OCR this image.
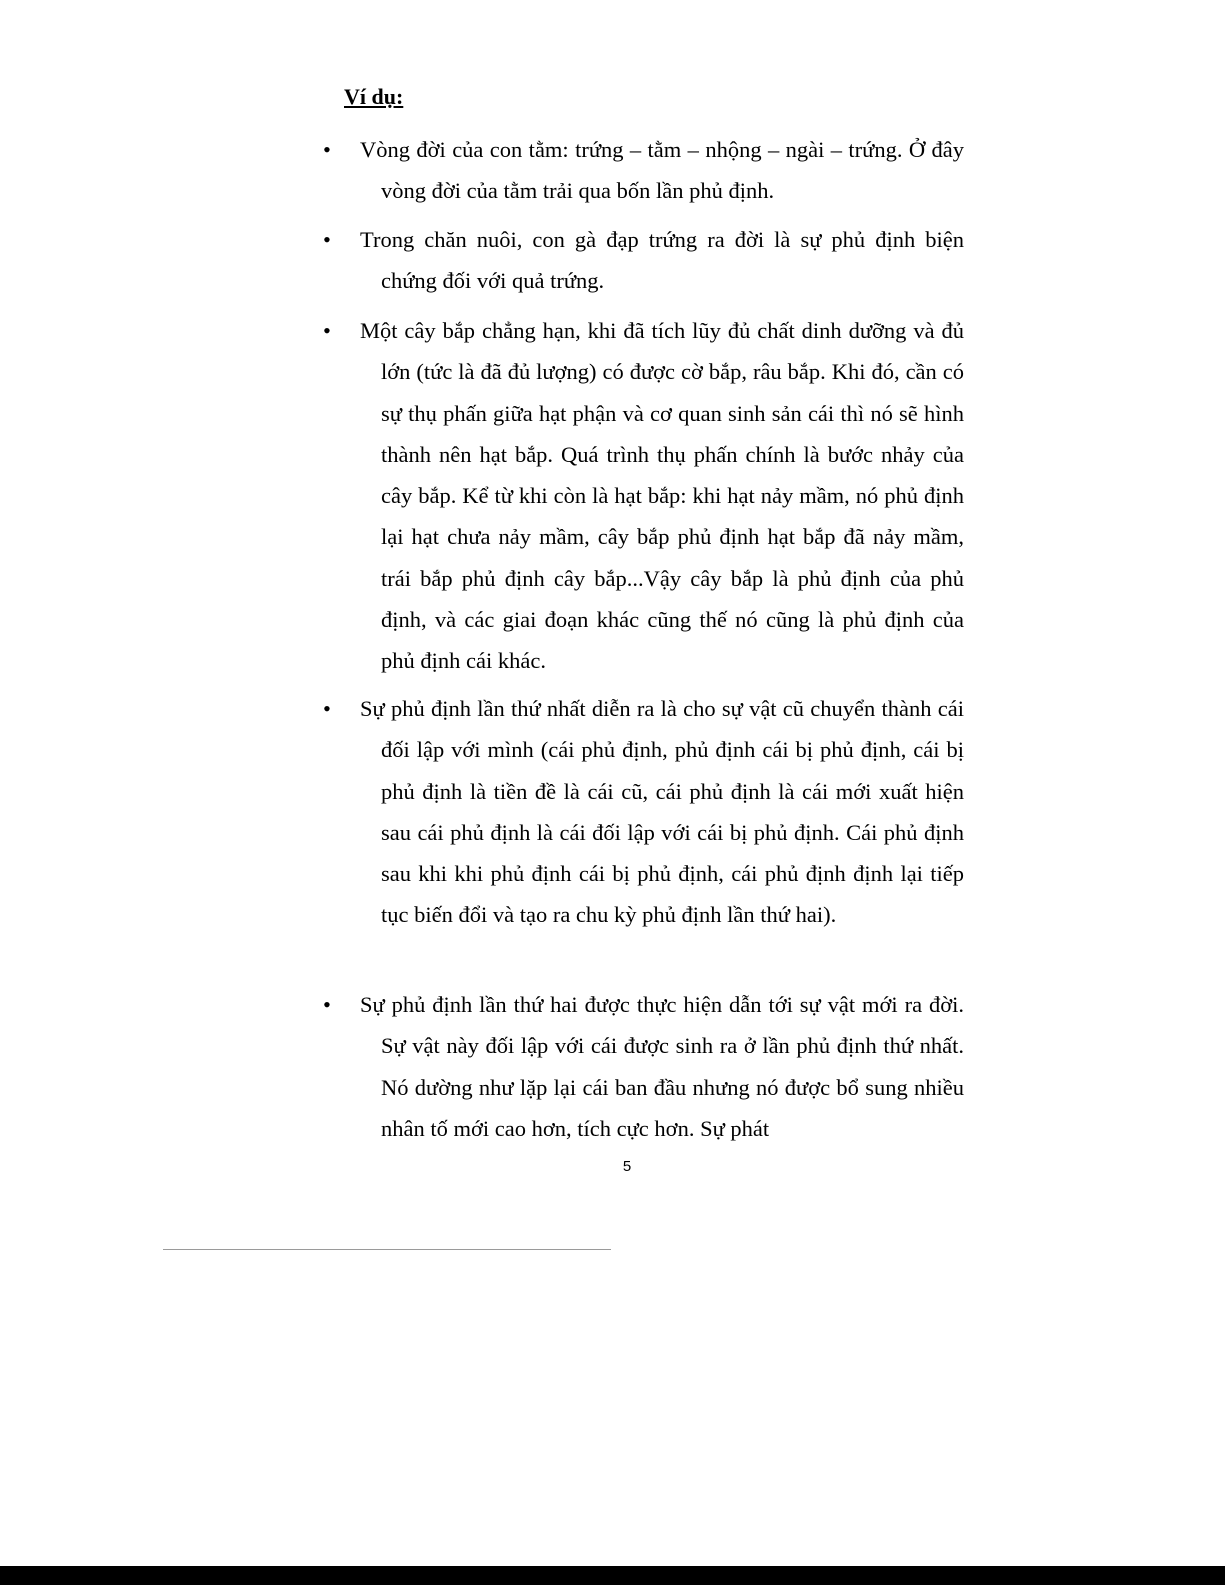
Ví dụ:

• Vòng đời của con tằm: trứng – tằm – nhộng – ngài – trứng. Ở đây vòng đời của tằm trải qua bốn lần phủ định.
• Trong chăn nuôi, con gà đạp trứng ra đời là sự phủ định biện chứng đối với quả trứng.
• Một cây bắp chẳng hạn, khi đã tích lũy đủ chất dinh dưỡng và đủ lớn (tức là đã đủ lượng) có được cờ bắp, râu bắp. Khi đó, cần có sự thụ phấn giữa hạt phận và cơ quan sinh sản cái thì nó sẽ hình thành nên hạt bắp. Quá trình thụ phấn chính là bước nhảy của cây bắp. Kể từ khi còn là hạt bắp: khi hạt nảy mầm, nó phủ định lại hạt chưa nảy mầm, cây bắp phủ định hạt bắp đã nảy mầm, trái bắp phủ định cây bắp...Vậy cây bắp là phủ định của phủ định, và các giai đoạn khác cũng thế nó cũng là phủ định của phủ định cái khác.
• Sự phủ định lần thứ nhất diễn ra là cho sự vật cũ chuyển thành cái đối lập với mình (cái phủ định, phủ định cái bị phủ định, cái bị phủ định là tiền đề là cái cũ, cái phủ định là cái mới xuất hiện sau cái phủ định là cái đối lập với cái bị phủ định. Cái phủ định sau khi khi phủ định cái bị phủ định, cái phủ định định lại tiếp tục biến đổi và tạo ra chu kỳ phủ định lần thứ hai).
• Sự phủ định lần thứ hai được thực hiện dẫn tới sự vật mới ra đời. Sự vật này đối lập với cái được sinh ra ở lần phủ định thứ nhất. Nó dường như lặp lại cái ban đầu nhưng nó được bổ sung nhiều nhân tố mới cao hơn, tích cực hơn. Sự phát
5
